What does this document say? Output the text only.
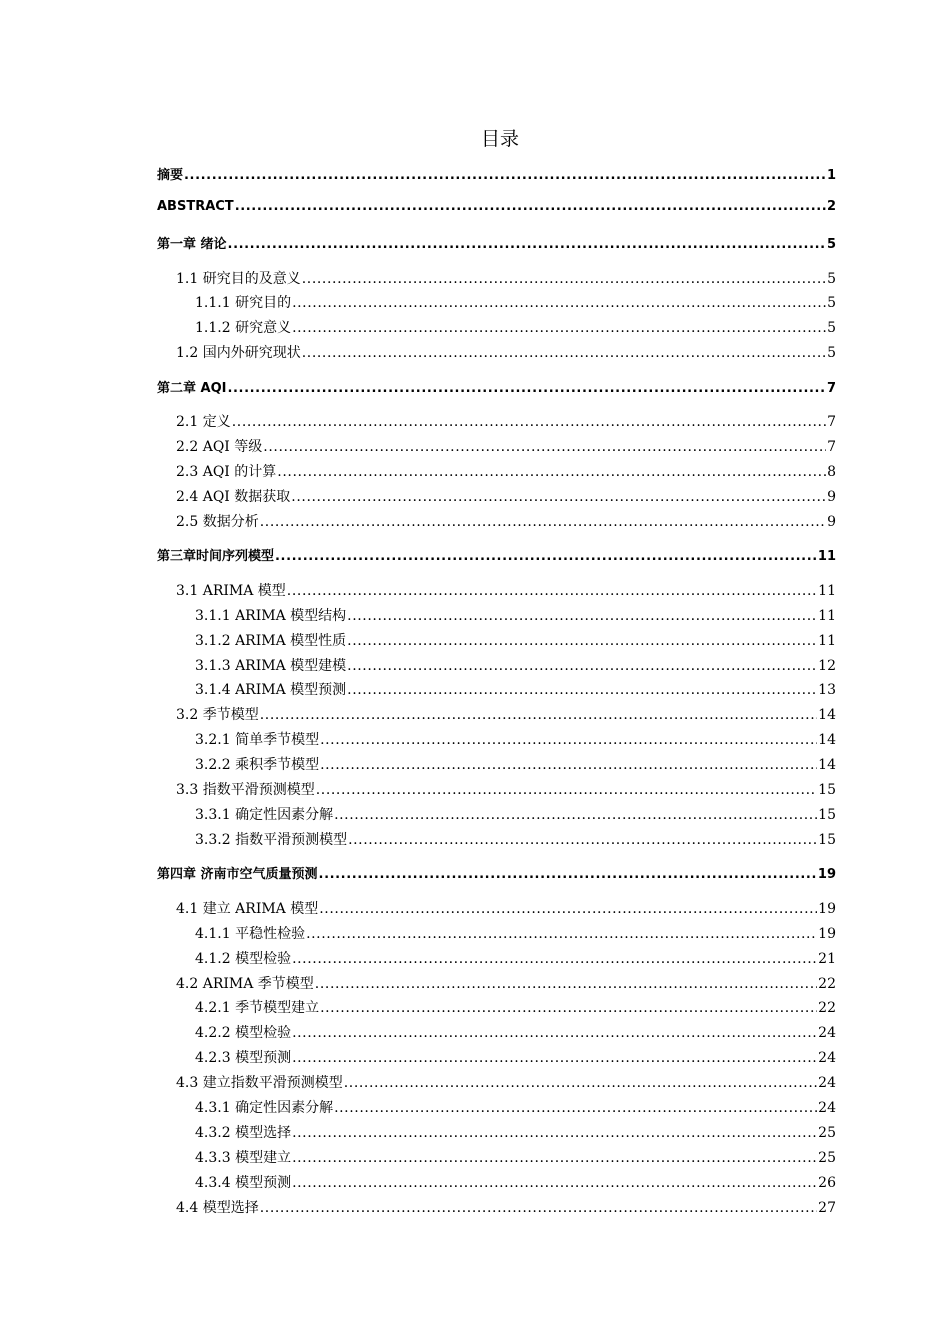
目录
摘要 .....	1
ABSTRACT .....	2
第一章 绪论 .....	5
1.1 研究目的及意义 .....	5
1.1.1 研究目的 .....	5
1.1.2 研究意义 .....	5
1.2 国内外研究现状 .....	5
第二章 AQI .....	7
2.1 定义 .....	7
2.2 AQI 等级 .....	7
2.3 AQI 的计算 .....	8
2.4 AQI 数据获取 .....	9
2.5 数据分析 .....	9
第三章时间序列模型 .....	11
3.1 ARIMA 模型 .....	11
3.1.1 ARIMA 模型结构 .....	11
3.1.2 ARIMA 模型性质 .....	11
3.1.3 ARIMA 模型建模 .....	12
3.1.4 ARIMA 模型预测 .....	13
3.2 季节模型 .....	14
3.2.1 简单季节模型 .....	14
3.2.2 乘积季节模型 .....	14
3.3 指数平滑预测模型 .....	15
3.3.1 确定性因素分解 .....	15
3.3.2 指数平滑预测模型 .....	15
第四章 济南市空气质量预测 .....	19
4.1 建立 ARIMA 模型 .....	19
4.1.1 平稳性检验 .....	19
4.1.2 模型检验 .....	21
4.2 ARIMA 季节模型 .....	22
4.2.1 季节模型建立 .....	22
4.2.2 模型检验 .....	24
4.2.3 模型预测 .....	24
4.3 建立指数平滑预测模型 .....	24
4.3.1 确定性因素分解 .....	24
4.3.2 模型选择 .....	25
4.3.3 模型建立 .....	25
4.3.4 模型预测 .....	26
4.4 模型选择 .....	27
